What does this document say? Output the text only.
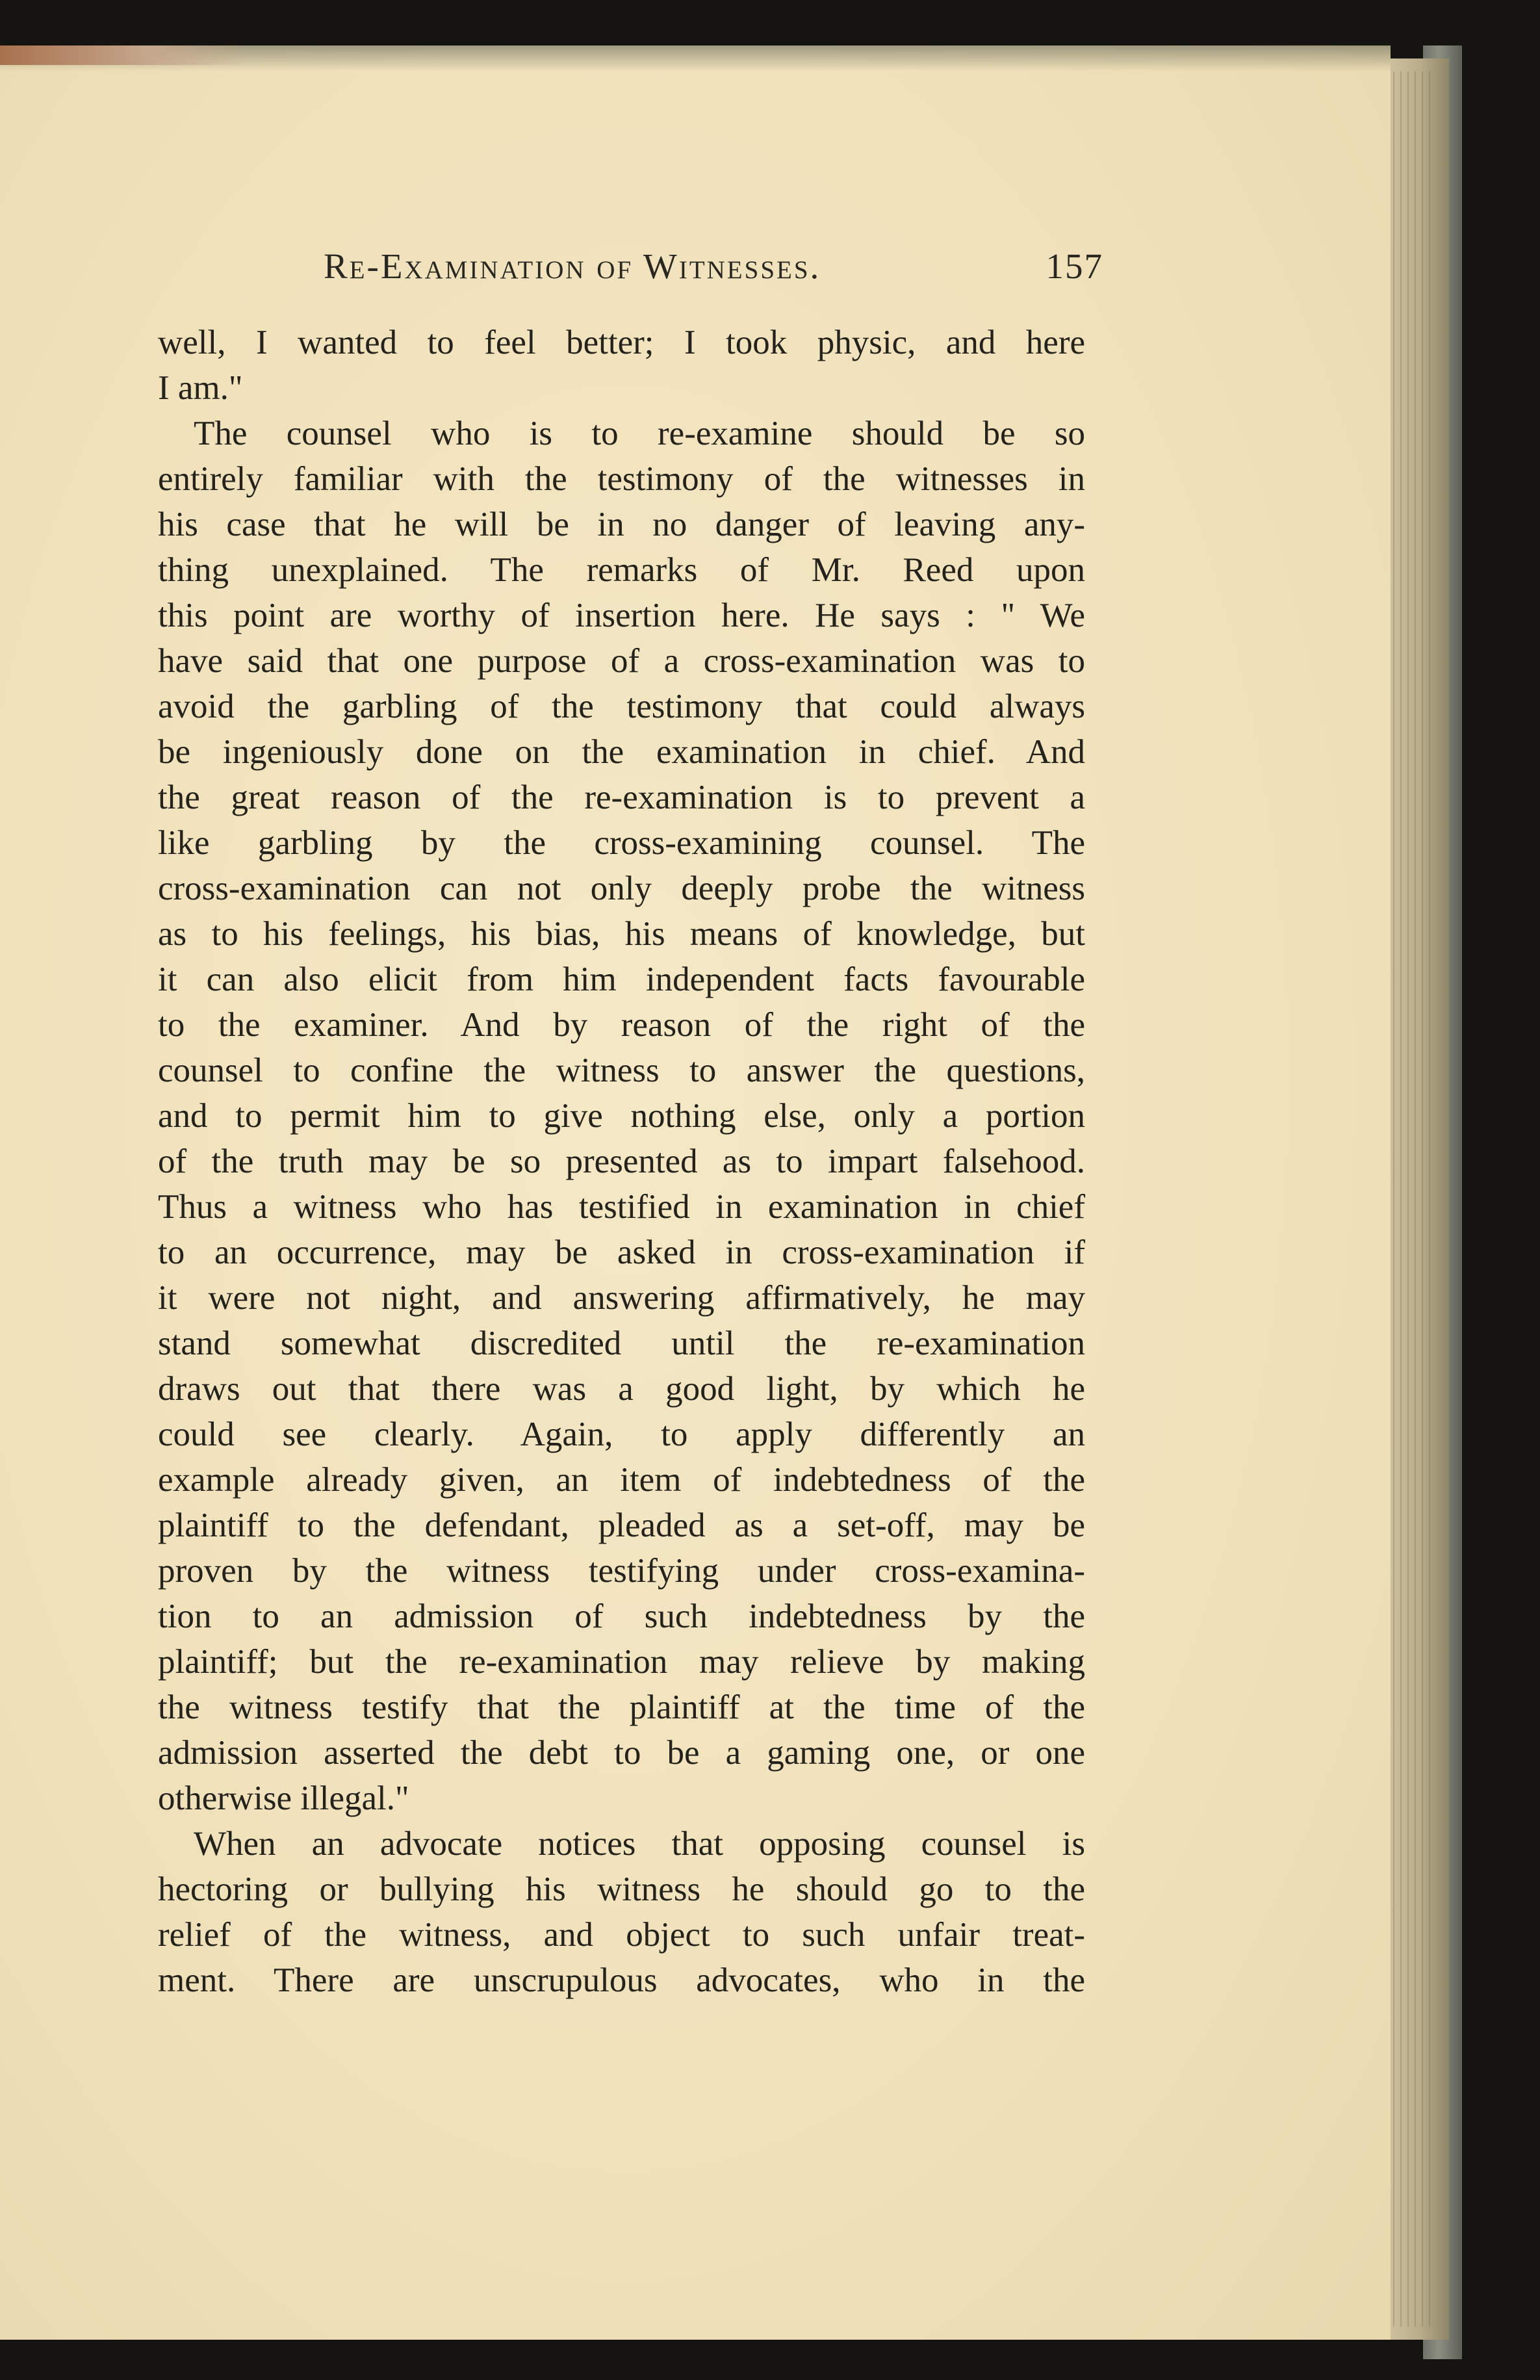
Re-Examination of Witnesses.	157
well, I wanted to feel better; I took physic, and here
I am."
The counsel who is to re-examine should be so
entirely familiar with the testimony of the witnesses in
his case that he will be in no danger of leaving any-
thing unexplained. The remarks of Mr. Reed upon
this point are worthy of insertion here. He says : " We
have said that one purpose of a cross-examination was to
avoid the garbling of the testimony that could always
be ingeniously done on the examination in chief. And
the great reason of the re-examination is to prevent a
like garbling by the cross-examining counsel. The
cross-examination can not only deeply probe the witness
as to his feelings, his bias, his means of knowledge, but
it can also elicit from him independent facts favourable
to the examiner. And by reason of the right of the
counsel to confine the witness to answer the questions,
and to permit him to give nothing else, only a portion
of the truth may be so presented as to impart falsehood.
Thus a witness who has testified in examination in chief
to an occurrence, may be asked in cross-examination if
it were not night, and answering affirmatively, he may
stand somewhat discredited until the re-examination
draws out that there was a good light, by which he
could see clearly. Again, to apply differently an
example already given, an item of indebtedness of the
plaintiff to the defendant, pleaded as a set-off, may be
proven by the witness testifying under cross-examina-
tion to an admission of such indebtedness by the
plaintiff; but the re-examination may relieve by making
the witness testify that the plaintiff at the time of the
admission asserted the debt to be a gaming one, or one
otherwise illegal."
When an advocate notices that opposing counsel is
hectoring or bullying his witness he should go to the
relief of the witness, and object to such unfair treat-
ment. There are unscrupulous advocates, who in the
